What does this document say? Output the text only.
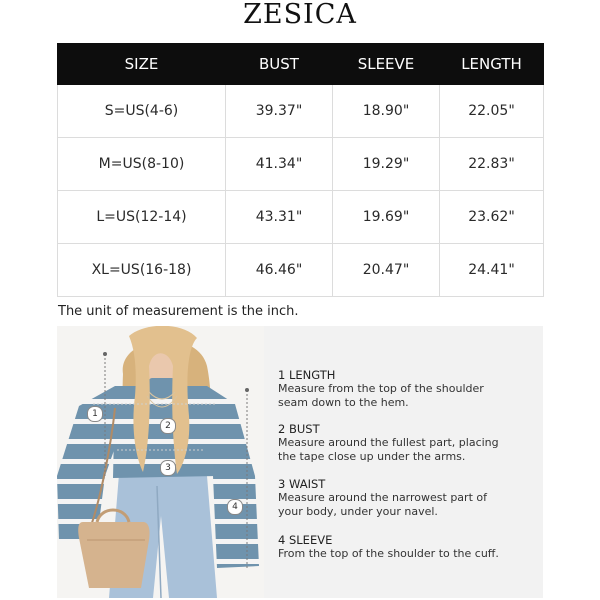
ZESICA
SIZE	BUST	SLEEVE	LENGTH
S=US(4-6)	39.37"	18.90"	22.05"
M=US(8-10)	41.34"	19.29"	22.83"
L=US(12-14)	43.31"	19.69"	23.62"
XL=US(16-18)	46.46"	20.47"	24.41"
The unit of measurement is the inch.
1
2
3
4
1 LENGTH
Measure from the top of the shoulder
seam down to the hem.
2 BUST
Measure around the fullest part, placing
the tape close up under the arms.
3 WAIST
Measure around the narrowest part of
your body, under your navel.
4 SLEEVE
From the top of the shoulder to the cuff.
